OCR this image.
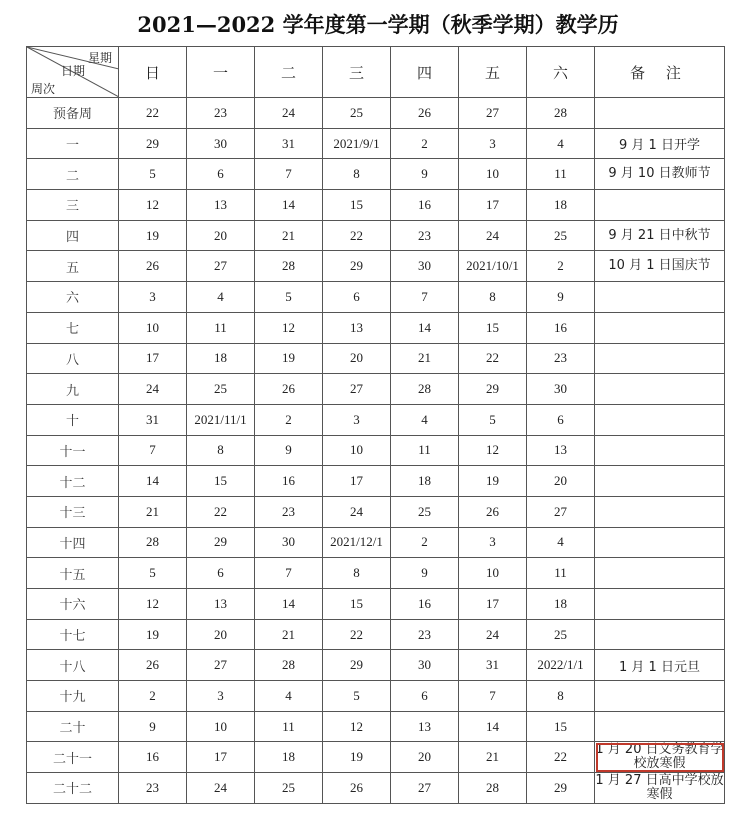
2021—2022 学年度第一学期（秋季学期）教学历
星期
日期
周次	日	一	二	三	四	五	六	备 注
预备周	22	23	24	25	26	27	28	
一	29	30	31	2021/9/1	2	3	4	9 月 1 日开学
二	5	6	7	8	9	10	11	9 月 10 日教师节
三	12	13	14	15	16	17	18	
四	19	20	21	22	23	24	25	9 月 21 日中秋节
五	26	27	28	29	30	2021/10/1	2	10 月 1 日国庆节
六	3	4	5	6	7	8	9	
七	10	11	12	13	14	15	16	
八	17	18	19	20	21	22	23	
九	24	25	26	27	28	29	30	
十	31	2021/11/1	2	3	4	5	6	
十一	7	8	9	10	11	12	13	
十二	14	15	16	17	18	19	20	
十三	21	22	23	24	25	26	27	
十四	28	29	30	2021/12/1	2	3	4	
十五	5	6	7	8	9	10	11	
十六	12	13	14	15	16	17	18	
十七	19	20	21	22	23	24	25	
十八	26	27	28	29	30	31	2022/1/1	1 月 1 日元旦
十九	2	3	4	5	6	7	8	
二十	9	10	11	12	13	14	15	
二十一	16	17	18	19	20	21	22	1 月 20 日义务教育学校放寒假
二十二	23	24	25	26	27	28	29	1 月 27 日高中学校放寒假
